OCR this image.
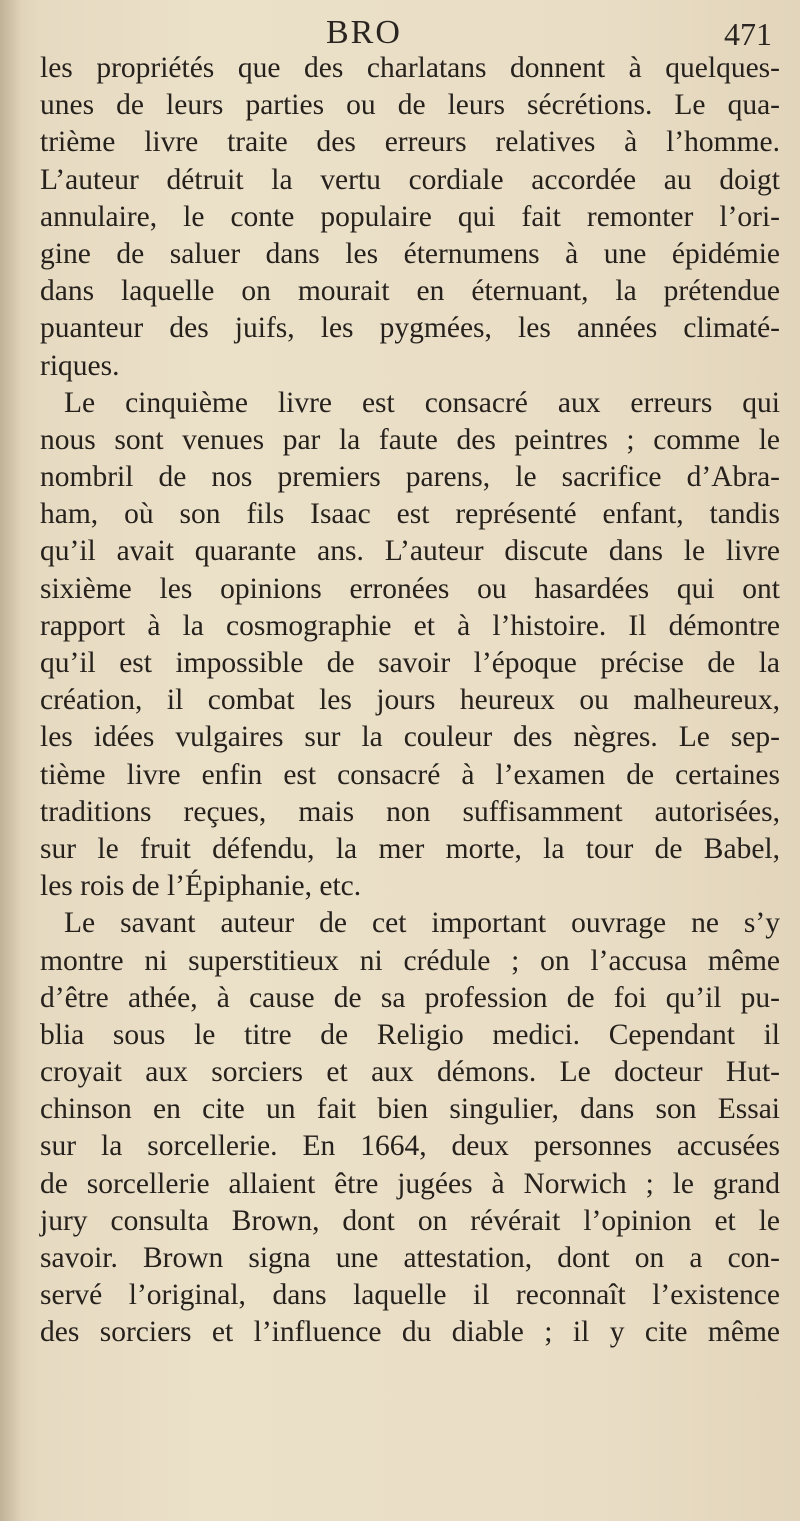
BRO	471
les propriétés que des charlatans donnent à quelques-
unes de leurs parties ou de leurs sécrétions. Le qua-
trième livre traite des erreurs relatives à l’homme.
L’auteur détruit la vertu cordiale accordée au doigt
annulaire, le conte populaire qui fait remonter l’ori-
gine de saluer dans les éternumens à une épidémie
dans laquelle on mourait en éternuant, la prétendue
puanteur des juifs, les pygmées, les années climaté-
riques.
Le cinquième livre est consacré aux erreurs qui
nous sont venues par la faute des peintres ; comme le
nombril de nos premiers parens, le sacrifice d’Abra-
ham, où son fils Isaac est représenté enfant, tandis
qu’il avait quarante ans. L’auteur discute dans le livre
sixième les opinions erronées ou hasardées qui ont
rapport à la cosmographie et à l’histoire. Il démontre
qu’il est impossible de savoir l’époque précise de la
création, il combat les jours heureux ou malheureux,
les idées vulgaires sur la couleur des nègres. Le sep-
tième livre enfin est consacré à l’examen de certaines
traditions reçues, mais non suffisamment autorisées,
sur le fruit défendu, la mer morte, la tour de Babel,
les rois de l’Épiphanie, etc.
Le savant auteur de cet important ouvrage ne s’y
montre ni superstitieux ni crédule ; on l’accusa même
d’être athée, à cause de sa profession de foi qu’il pu-
blia sous le titre de Religio medici. Cependant il
croyait aux sorciers et aux démons. Le docteur Hut-
chinson en cite un fait bien singulier, dans son Essai
sur la sorcellerie. En 1664, deux personnes accusées
de sorcellerie allaient être jugées à Norwich ; le grand
jury consulta Brown, dont on révérait l’opinion et le
savoir. Brown signa une attestation, dont on a con-
servé l’original, dans laquelle il reconnaît l’existence
des sorciers et l’influence du diable ; il y cite même
